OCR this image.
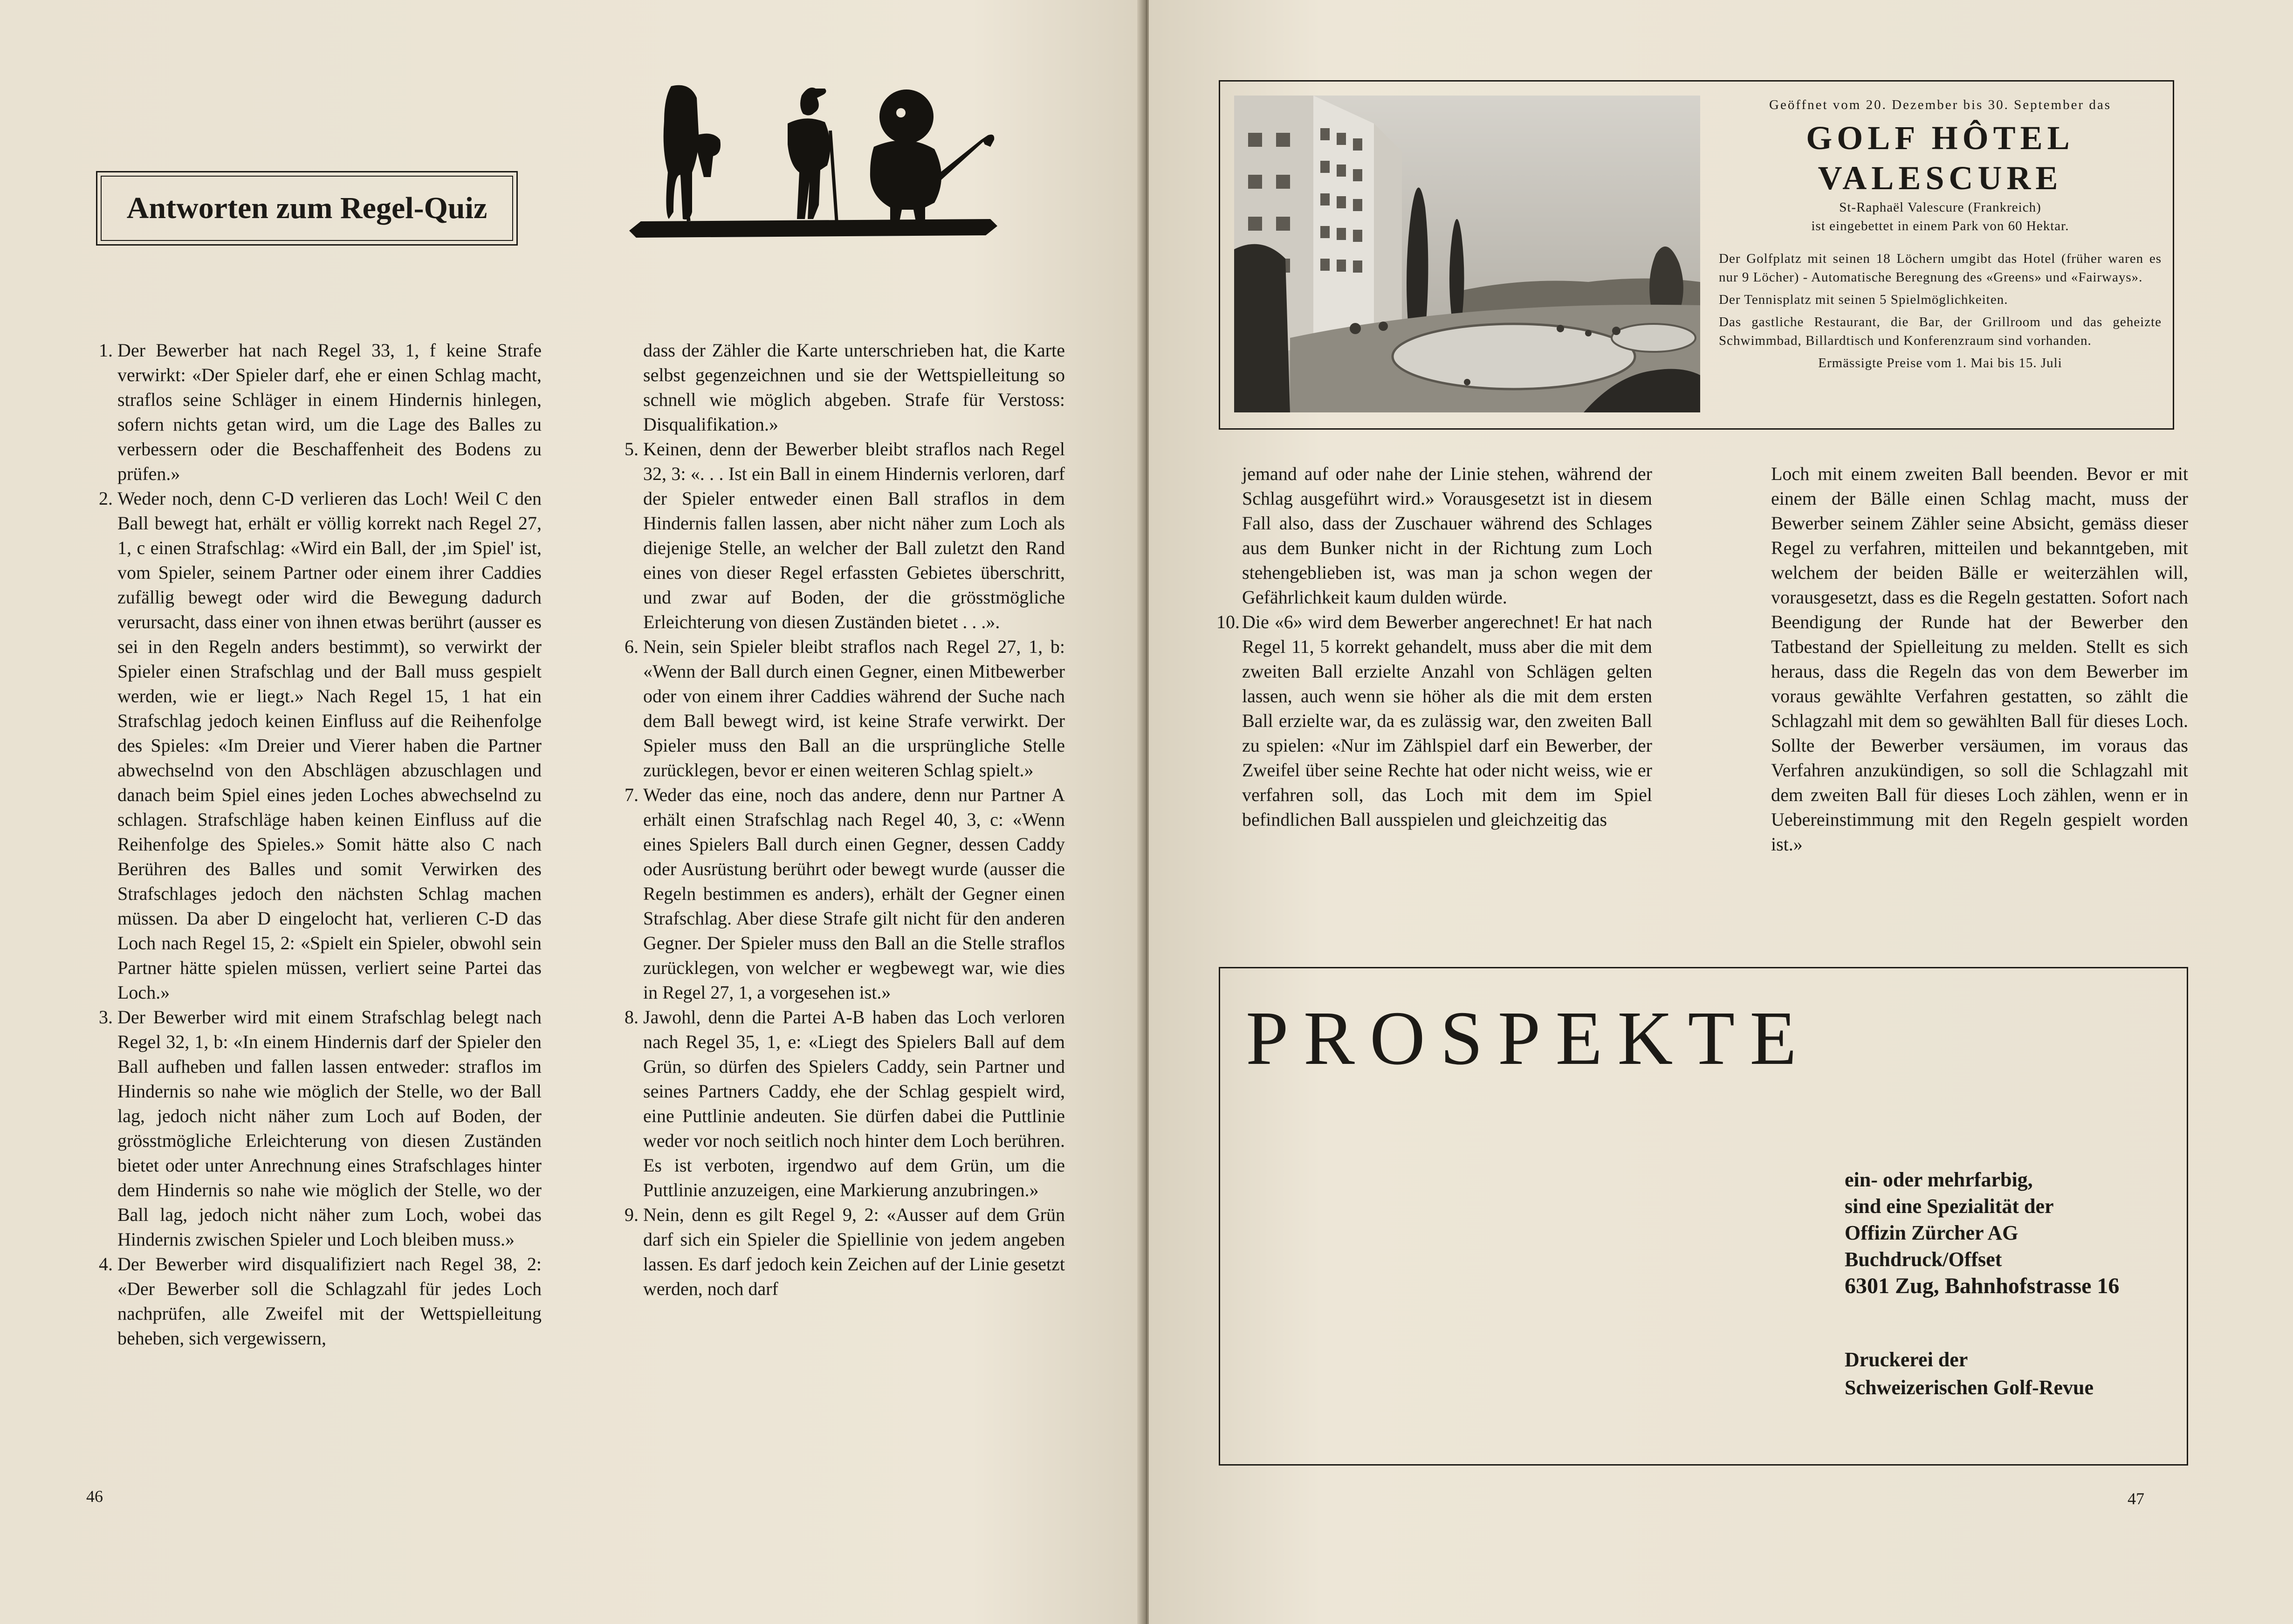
Antworten zum Regel-Quiz

1. Der Bewerber hat nach Regel 33, 1, f keine Strafe verwirkt: «Der Spieler darf, ehe er einen Schlag macht, straflos seine Schläger in einem Hindernis hinlegen, sofern nichts getan wird, um die Lage des Balles zu verbessern oder die Beschaffenheit des Bodens zu prüfen.»

2. Weder noch, denn C-D verlieren das Loch! Weil C den Ball bewegt hat, erhält er völlig korrekt nach Regel 27, 1, c einen Strafschlag: «Wird ein Ball, der ‚im Spiel' ist, vom Spieler, seinem Partner oder einem ihrer Caddies zufällig bewegt oder wird die Bewegung dadurch verursacht, dass einer von ihnen etwas berührt (ausser es sei in den Regeln anders bestimmt), so verwirkt der Spieler einen Strafschlag und der Ball muss gespielt werden, wie er liegt.» Nach Regel 15, 1 hat ein Strafschlag jedoch keinen Einfluss auf die Reihenfolge des Spieles: «Im Dreier und Vierer haben die Partner abwechselnd von den Abschlägen abzuschlagen und danach beim Spiel eines jeden Loches abwechselnd zu schlagen. Strafschläge haben keinen Einfluss auf die Reihenfolge des Spieles.» Somit hätte also C nach Berühren des Balles und somit Verwirken des Strafschlages jedoch den nächsten Schlag machen müssen. Da aber D eingelocht hat, verlieren C-D das Loch nach Regel 15, 2: «Spielt ein Spieler, obwohl sein Partner hätte spielen müssen, verliert seine Partei das Loch.»

3. Der Bewerber wird mit einem Strafschlag belegt nach Regel 32, 1, b: «In einem Hindernis darf der Spieler den Ball aufheben und fallen lassen entweder: straflos im Hindernis so nahe wie möglich der Stelle, wo der Ball lag, jedoch nicht näher zum Loch auf Boden, der grösstmögliche Erleichterung von diesen Zuständen bietet oder unter Anrechnung eines Strafschlages hinter dem Hindernis so nahe wie möglich der Stelle, wo der Ball lag, jedoch nicht näher zum Loch, wobei das Hindernis zwischen Spieler und Loch bleiben muss.»

4. Der Bewerber wird disqualifiziert nach Regel 38, 2: «Der Bewerber soll die Schlagzahl für jedes Loch nachprüfen, alle Zweifel mit der Wettspielleitung beheben, sich vergewissern,

dass der Zähler die Karte unterschrieben hat, die Karte selbst gegenzeichnen und sie der Wettspielleitung so schnell wie möglich abgeben. Strafe für Verstoss: Disqualifikation.»

5. Keinen, denn der Bewerber bleibt straflos nach Regel 32, 3: «. . . Ist ein Ball in einem Hindernis verloren, darf der Spieler entweder einen Ball straflos in dem Hindernis fallen lassen, aber nicht näher zum Loch als diejenige Stelle, an welcher der Ball zuletzt den Rand eines von dieser Regel erfassten Gebietes überschritt, und zwar auf Boden, der die grösstmögliche Erleichterung von diesen Zuständen bietet . . .».

6. Nein, sein Spieler bleibt straflos nach Regel 27, 1, b: «Wenn der Ball durch einen Gegner, einen Mitbewerber oder von einem ihrer Caddies während der Suche nach dem Ball bewegt wird, ist keine Strafe verwirkt. Der Spieler muss den Ball an die ursprüngliche Stelle zurücklegen, bevor er einen weiteren Schlag spielt.»

7. Weder das eine, noch das andere, denn nur Partner A erhält einen Strafschlag nach Regel 40, 3, c: «Wenn eines Spielers Ball durch einen Gegner, dessen Caddy oder Ausrüstung berührt oder bewegt wurde (ausser die Regeln bestimmen es anders), erhält der Gegner einen Strafschlag. Aber diese Strafe gilt nicht für den anderen Gegner. Der Spieler muss den Ball an die Stelle straflos zurücklegen, von welcher er wegbewegt war, wie dies in Regel 27, 1, a vorgesehen ist.»

8. Jawohl, denn die Partei A-B haben das Loch verloren nach Regel 35, 1, e: «Liegt des Spielers Ball auf dem Grün, so dürfen des Spielers Caddy, sein Partner und seines Partners Caddy, ehe der Schlag gespielt wird, eine Puttlinie andeuten. Sie dürfen dabei die Puttlinie weder vor noch seitlich noch hinter dem Loch berühren. Es ist verboten, irgendwo auf dem Grün, um die Puttlinie anzuzeigen, eine Markierung anzubringen.»

9. Nein, denn es gilt Regel 9, 2: «Ausser auf dem Grün darf sich ein Spieler die Spiellinie von jedem angeben lassen. Es darf jedoch kein Zeichen auf der Linie gesetzt werden, noch darf

46

Geöffnet vom 20. Dezember bis 30. September das

GOLF HÔTEL

VALESCURE

St-Raphaël Valescure (Frankreich)

ist eingebettet in einem Park von 60 Hektar.

Der Golfplatz mit seinen 18 Löchern umgibt das Hotel (früher waren es nur 9 Löcher) - Automatische Beregnung des «Greens» und «Fairways».

Der Tennisplatz mit seinen 5 Spielmöglichkeiten.

Das gastliche Restaurant, die Bar, der Grillroom und das geheizte Schwimmbad, Billardtisch und Konferenzraum sind vorhanden.

Ermässigte Preise vom 1. Mai bis 15. Juli

jemand auf oder nahe der Linie stehen, während der Schlag ausgeführt wird.» Vorausgesetzt ist in diesem Fall also, dass der Zuschauer während des Schlages aus dem Bunker nicht in der Richtung zum Loch stehengeblieben ist, was man ja schon wegen der Gefährlichkeit kaum dulden würde.

10. Die «6» wird dem Bewerber angerechnet! Er hat nach Regel 11, 5 korrekt gehandelt, muss aber die mit dem zweiten Ball erzielte Anzahl von Schlägen gelten lassen, auch wenn sie höher als die mit dem ersten Ball erzielte war, da es zulässig war, den zweiten Ball zu spielen: «Nur im Zählspiel darf ein Bewerber, der Zweifel über seine Rechte hat oder nicht weiss, wie er verfahren soll, das Loch mit dem im Spiel befindlichen Ball ausspielen und gleichzeitig das

Loch mit einem zweiten Ball beenden. Bevor er mit einem der Bälle einen Schlag macht, muss der Bewerber seinem Zähler seine Absicht, gemäss dieser Regel zu verfahren, mitteilen und bekanntgeben, mit welchem der beiden Bälle er weiterzählen will, vorausgesetzt, dass es die Regeln gestatten. Sofort nach Beendigung der Runde hat der Bewerber den Tatbestand der Spielleitung zu melden. Stellt es sich heraus, dass die Regeln das von dem Bewerber im voraus gewählte Verfahren gestatten, so zählt die Schlagzahl mit dem so gewählten Ball für dieses Loch. Sollte der Bewerber versäumen, im voraus das Verfahren anzukündigen, so soll die Schlagzahl mit dem zweiten Ball für dieses Loch zählen, wenn er in Uebereinstimmung mit den Regeln gespielt worden ist.»

PROSPEKTE

ein- oder mehrfarbig,

sind eine Spezialität der

Offizin Zürcher AG

Buchdruck/Offset

6301 Zug, Bahnhofstrasse 16

Druckerei der

Schweizerischen Golf-Revue

47
